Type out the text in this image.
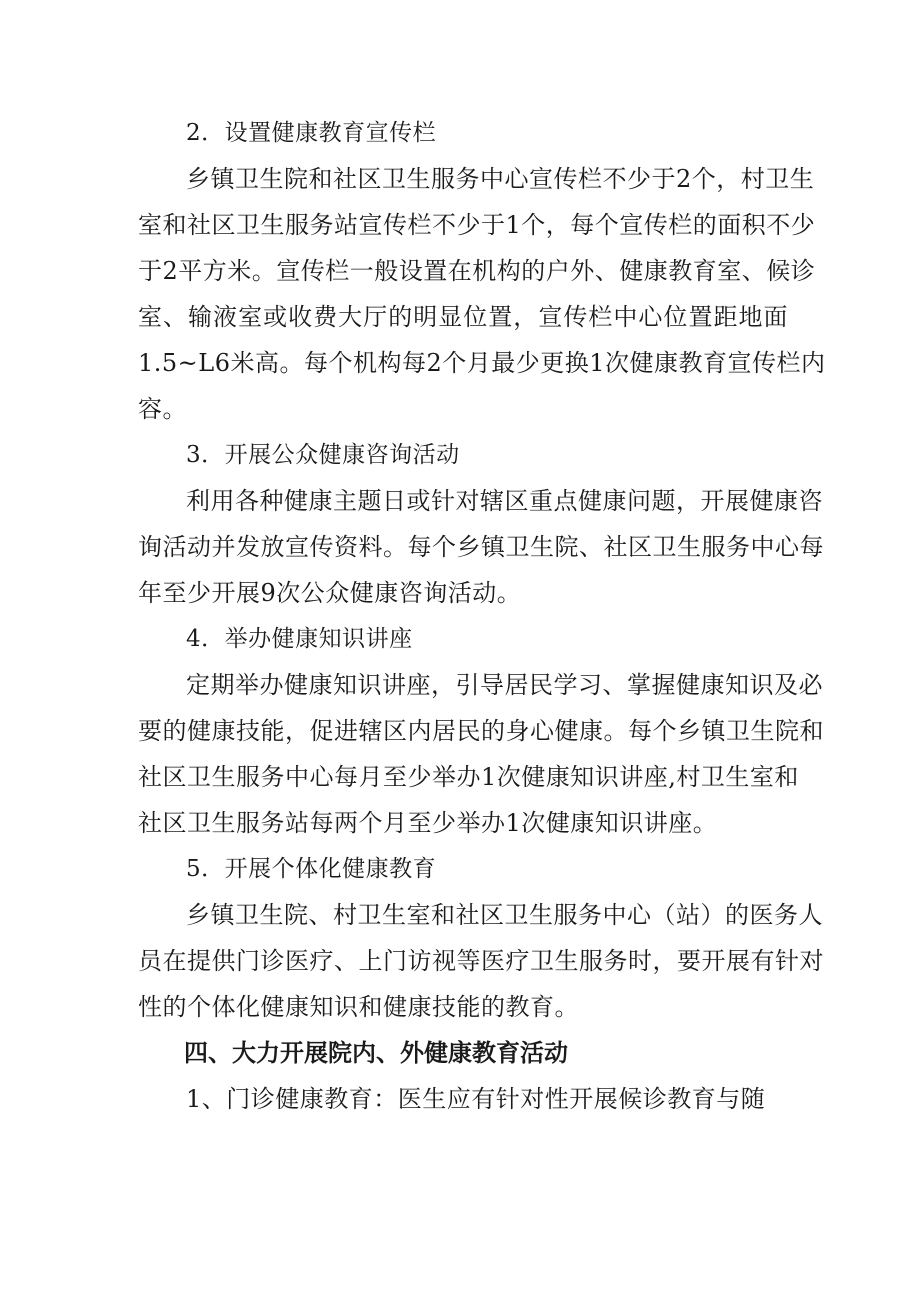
2．设置健康教育宣传栏
乡镇卫生院和社区卫生服务中心宣传栏不少于2个，村卫生
室和社区卫生服务站宣传栏不少于1个，每个宣传栏的面积不少
于2平方米。宣传栏一般设置在机构的户外、健康教育室、候诊
室、输液室或收费大厅的明显位置，宣传栏中心位置距地面
1.5~L6米高。每个机构每2个月最少更换1次健康教育宣传栏内
容。
3．开展公众健康咨询活动
利用各种健康主题日或针对辖区重点健康问题，开展健康咨
询活动并发放宣传资料。每个乡镇卫生院、社区卫生服务中心每
年至少开展9次公众健康咨询活动。
4．举办健康知识讲座
定期举办健康知识讲座，引导居民学习、掌握健康知识及必
要的健康技能，促进辖区内居民的身心健康。每个乡镇卫生院和
社区卫生服务中心每月至少举办1次健康知识讲座,村卫生室和
社区卫生服务站每两个月至少举办1次健康知识讲座。
5．开展个体化健康教育
乡镇卫生院、村卫生室和社区卫生服务中心（站）的医务人
员在提供门诊医疗、上门访视等医疗卫生服务时，要开展有针对
性的个体化健康知识和健康技能的教育。
四、大力开展院内、外健康教育活动
1、门诊健康教育：医生应有针对性开展候诊教育与随
